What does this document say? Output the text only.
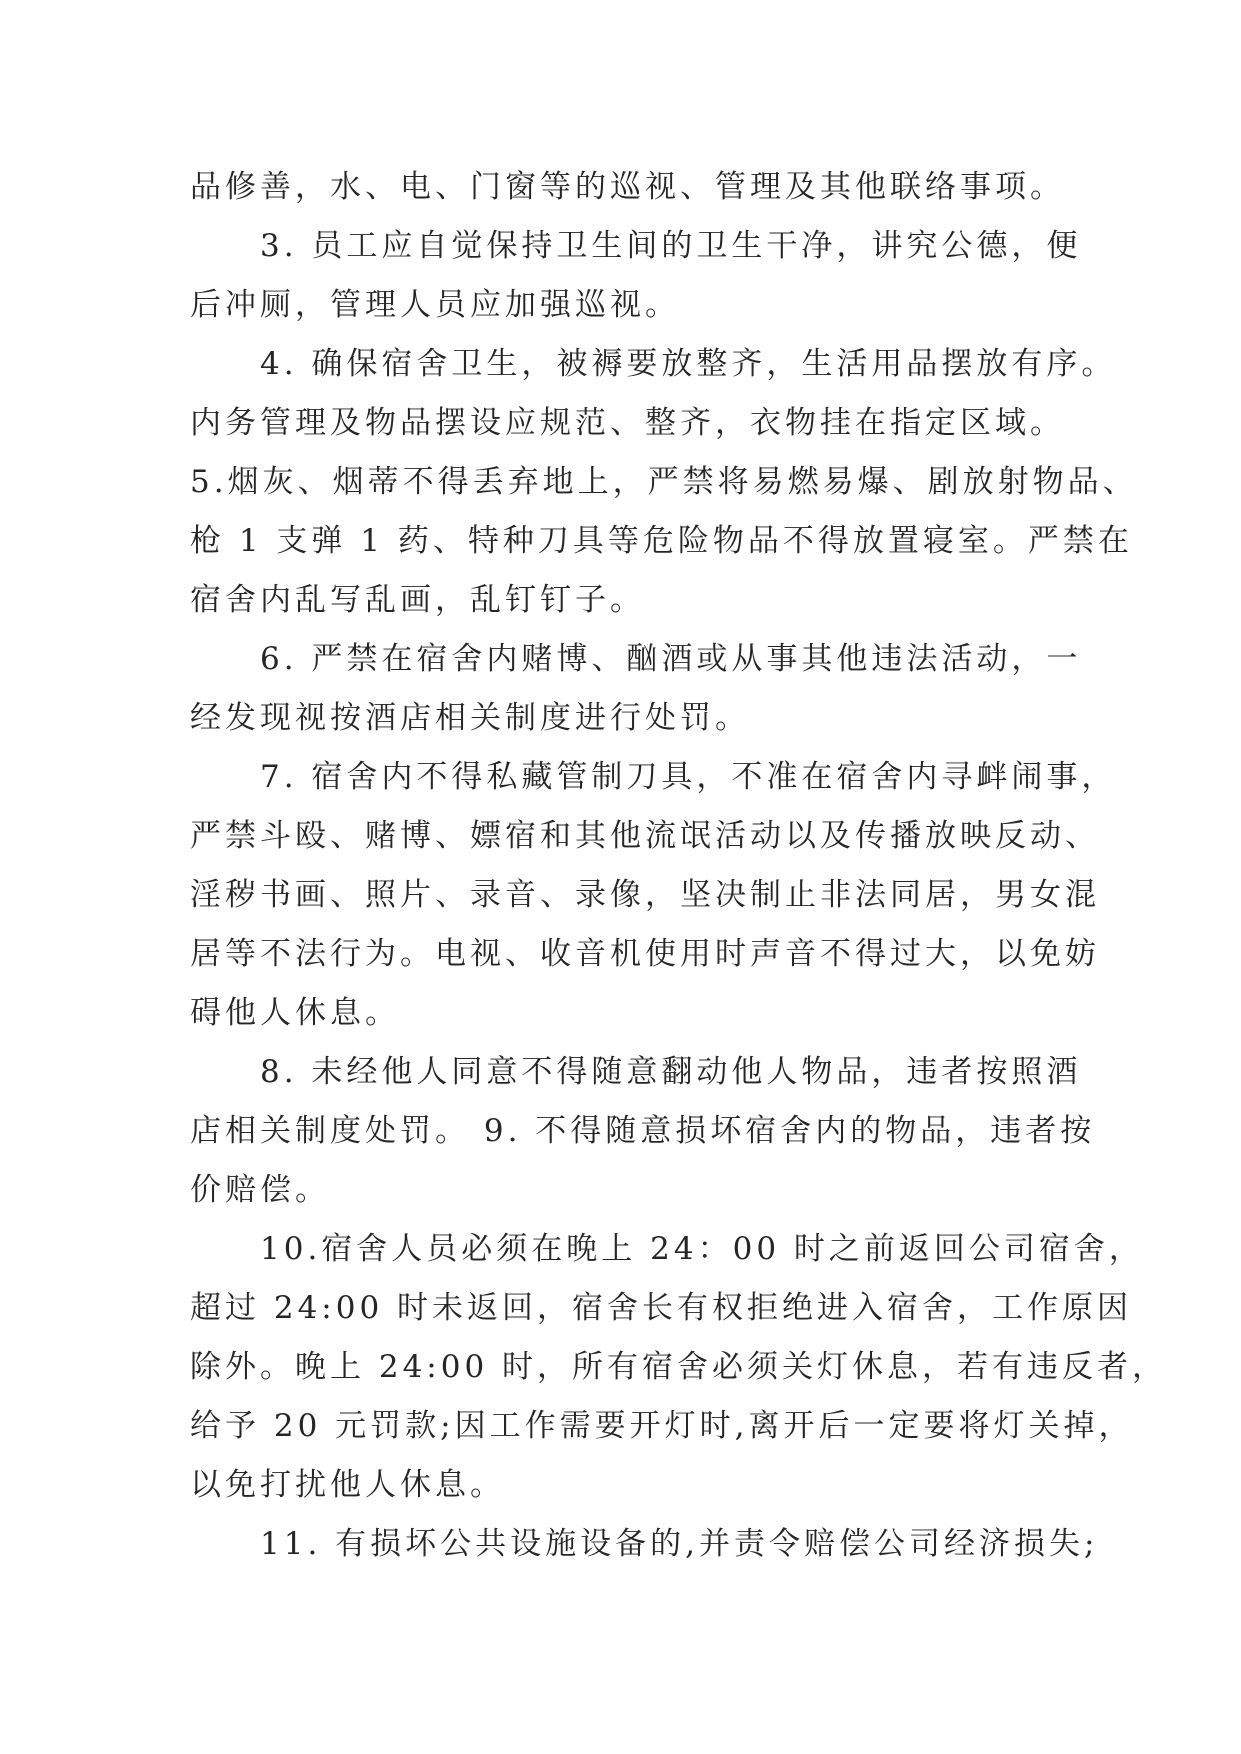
品修善，水、电、门窗等的巡视、管理及其他联络事项。
　　3. 员工应自觉保持卫生间的卫生干净，讲究公德，便
后冲厕，管理人员应加强巡视。
　　4. 确保宿舍卫生，被褥要放整齐，生活用品摆放有序。
内务管理及物品摆设应规范、整齐，衣物挂在指定区域。
5.烟灰、烟蒂不得丢弃地上，严禁将易燃易爆、剧放射物品、
枪 1 支弹 1 药、特种刀具等危险物品不得放置寝室。严禁在
宿舍内乱写乱画，乱钉钉子。
　　6. 严禁在宿舍内赌博、酗酒或从事其他违法活动，一
经发现视按酒店相关制度进行处罚。
　　7. 宿舍内不得私藏管制刀具，不准在宿舍内寻衅闹事，
严禁斗殴、赌博、嫖宿和其他流氓活动以及传播放映反动、
淫秽书画、照片、录音、录像，坚决制止非法同居，男女混
居等不法行为。电视、收音机使用时声音不得过大，以免妨
碍他人休息。
　　8. 未经他人同意不得随意翻动他人物品，违者按照酒
店相关制度处罚。 9. 不得随意损坏宿舍内的物品，违者按
价赔偿。
　　10.宿舍人员必须在晚上 24：00 时之前返回公司宿舍，
超过 24:00 时未返回，宿舍长有权拒绝进入宿舍，工作原因
除外。晚上 24:00 时，所有宿舍必须关灯休息，若有违反者，
给予 20 元罚款;因工作需要开灯时,离开后一定要将灯关掉，
以免打扰他人休息。
　　11. 有损坏公共设施设备的,并责令赔偿公司经济损失;
